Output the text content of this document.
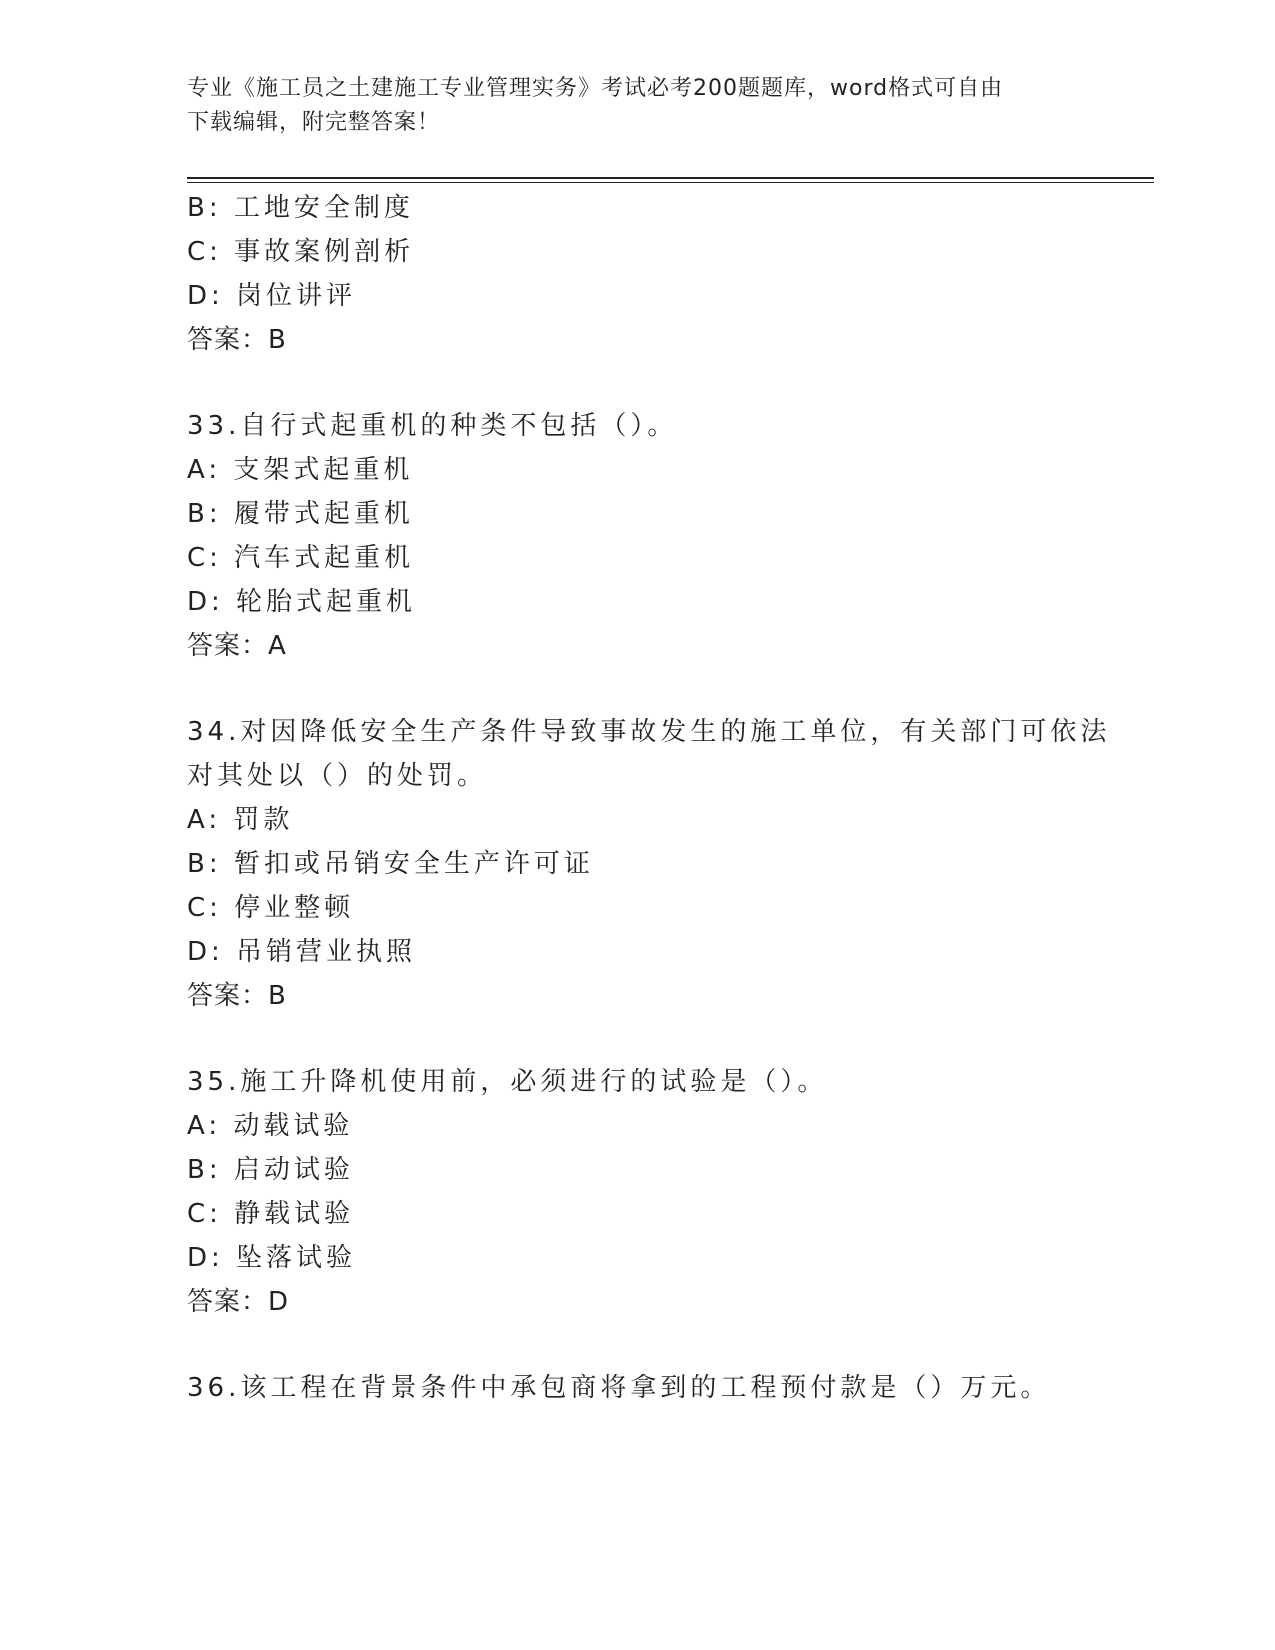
专业《施工员之土建施工专业管理实务》考试必考200题题库，word格式可自由
下载编辑，附完整答案！
B: 工地安全制度
C: 事故案例剖析
D: 岗位讲评
答案：B
33.自行式起重机的种类不包括（）。
A: 支架式起重机
B: 履带式起重机
C: 汽车式起重机
D: 轮胎式起重机
答案：A
34.对因降低安全生产条件导致事故发生的施工单位，有关部门可依法
对其处以（）的处罚。
A: 罚款
B: 暂扣或吊销安全生产许可证
C: 停业整顿
D: 吊销营业执照
答案：B
35.施工升降机使用前，必须进行的试验是（）。
A: 动载试验
B: 启动试验
C: 静载试验
D: 坠落试验
答案：D
36.该工程在背景条件中承包商将拿到的工程预付款是（）万元。
